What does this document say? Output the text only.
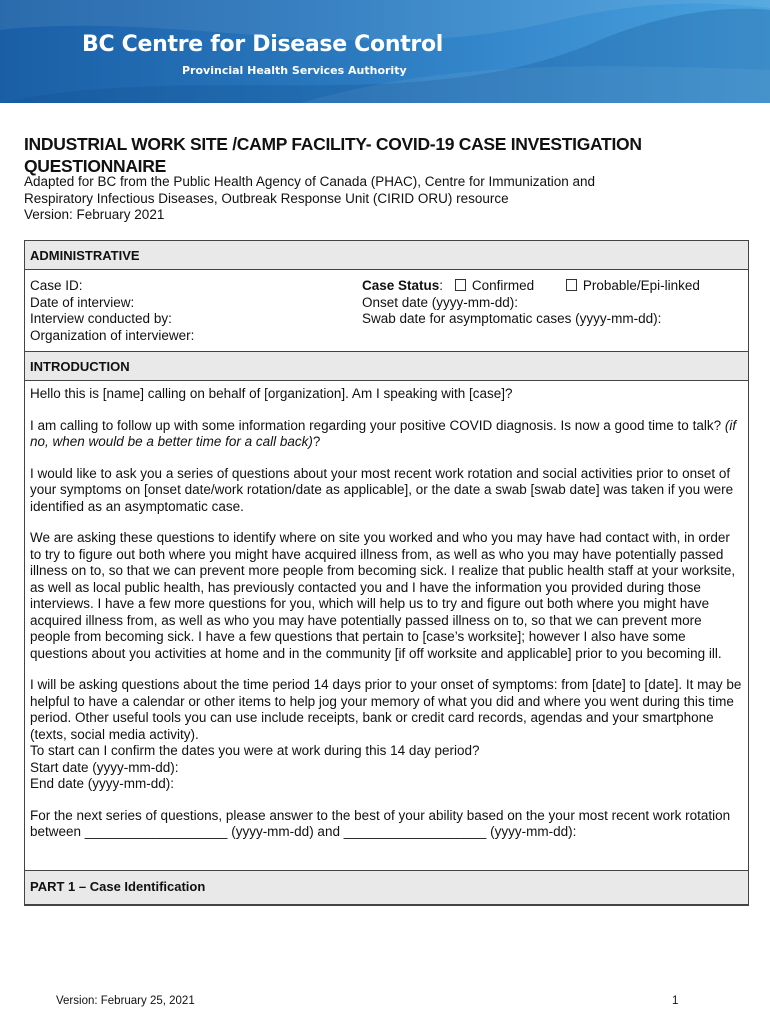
BC Centre for Disease Control
Provincial Health Services Authority
INDUSTRIAL WORK SITE /CAMP FACILITY- COVID-19 CASE INVESTIGATION QUESTIONNAIRE
Adapted for BC from the Public Health Agency of Canada (PHAC), Centre for Immunization and
Respiratory Infectious Diseases, Outbreak Response Unit (CIRID ORU) resource
Version: February 2021
ADMINISTRATIVE
Case ID:
Date of interview:
Interview conducted by:
Organization of interviewer:
Case Status: Confirmed	Probable/Epi-linked
Onset date (yyyy-mm-dd):
Swab date for asymptomatic cases (yyyy-mm-dd):
INTRODUCTION

Hello this is [name] calling on behalf of [organization]. Am I speaking with [case]?

I am calling to follow up with some information regarding your positive COVID diagnosis. Is now a good time to talk? (if no, when would be a better time for a call back)?

I would like to ask you a series of questions about your most recent work rotation and social activities prior to onset of your symptoms on [onset date/work rotation/date as applicable], or the date a swab [swab date] was taken if you were identified as an asymptomatic case.

We are asking these questions to identify where on site you worked and who you may have had contact with, in order to try to figure out both where you might have acquired illness from, as well as who you may have potentially passed illness on to, so that we can prevent more people from becoming sick. I realize that public health staff at your worksite, as well as local public health, has previously contacted you and I have the information you provided during those interviews. I have a few more questions for you, which will help us to try and figure out both where you might have acquired illness from, as well as who you may have potentially passed illness on to, so that we can prevent more people from becoming sick. I have a few questions that pertain to [case’s worksite]; however I also have some questions about you activities at home and in the community [if off worksite and applicable] prior to you becoming ill.

I will be asking questions about the time period 14 days prior to your onset of symptoms: from [date] to [date]. It may be helpful to have a calendar or other items to help jog your memory of what you did and where you went during this time period. Other useful tools you can use include receipts, bank or credit card records, agendas and your smartphone (texts, social media activity).

To start can I confirm the dates you were at work during this 14 day period?

Start date (yyyy-mm-dd):

End date (yyyy-mm-dd):

For the next series of questions, please answer to the best of your ability based on the your most recent work rotation between ___________________ (yyyy-mm-dd) and ___________________ (yyyy-mm-dd):

PART 1 – Case Identification
Version: February 25, 2021	1
